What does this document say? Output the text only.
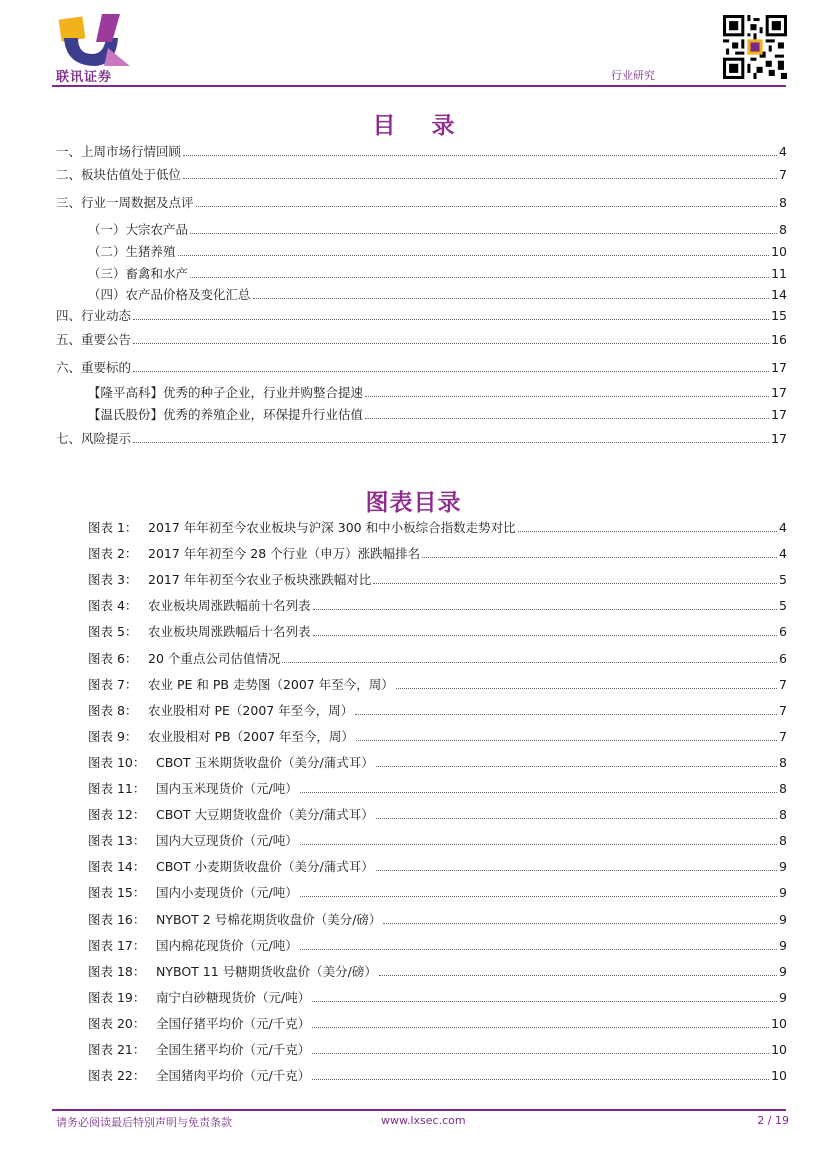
联讯证券	行业研究
目 录
一、上周市场行情回顾	4
二、板块估值处于低位	7
三、行业一周数据及点评	8
（一）大宗农产品	8
（二）生猪养殖	10
（三）畜禽和水产	11
（四）农产品价格及变化汇总	14
四、行业动态	15
五、重要公告	16
六、重要标的	17
【隆平高科】优秀的种子企业，行业并购整合提速	17
【温氏股份】优秀的养殖企业，环保提升行业估值	17
七、风险提示	17
图表目录
图表 1： 2017 年年初至今农业板块与沪深 300 和中小板综合指数走势对比	4
图表 2： 2017 年年初至今 28 个行业（申万）涨跌幅排名	4
图表 3： 2017 年年初至今农业子板块涨跌幅对比	5
图表 4： 农业板块周涨跌幅前十名列表	5
图表 5： 农业板块周涨跌幅后十名列表	6
图表 6： 20 个重点公司估值情况	6
图表 7： 农业 PE 和 PB 走势图（2007 年至今，周）	7
图表 8： 农业股相对 PE（2007 年至今，周）	7
图表 9： 农业股相对 PB（2007 年至今，周）	7
图表 10： CBOT 玉米期货收盘价（美分/蒲式耳）	8
图表 11： 国内玉米现货价（元/吨）	8
图表 12： CBOT 大豆期货收盘价（美分/蒲式耳）	8
图表 13： 国内大豆现货价（元/吨）	8
图表 14： CBOT 小麦期货收盘价（美分/蒲式耳）	9
图表 15： 国内小麦现货价（元/吨）	9
图表 16： NYBOT 2 号棉花期货收盘价（美分/磅）	9
图表 17： 国内棉花现货价（元/吨）	9
图表 18： NYBOT 11 号糖期货收盘价（美分/磅）	9
图表 19： 南宁白砂糖现货价（元/吨）	9
图表 20： 全国仔猪平均价（元/千克）	10
图表 21： 全国生猪平均价（元/千克）	10
图表 22： 全国猪肉平均价（元/千克）	10
请务必阅读最后特别声明与免责条款	www.lxsec.com	2 / 19
